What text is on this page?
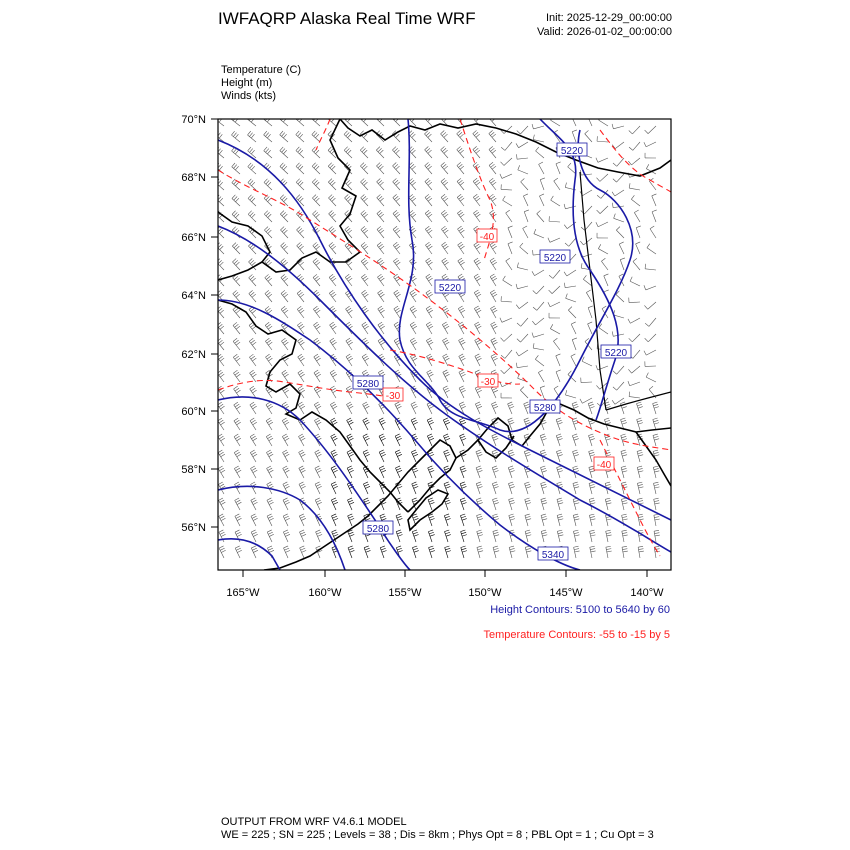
IWFAQRP Alaska Real Time WRF	Init: 2025-12-29_00:00:00
Valid: 2026-01-02_00:00:00
Temperature (C)
Height (m)
Winds (kts)
5220
5220
5220
5220
5280
5280
5280
5340
-40
-30
-30
-40
70°N
68°N
66°N
64°N
62°N
60°N
58°N
56°N
165°W	160°W	155°W	150°W	145°W	140°W
Height Contours: 5100 to 5640 by 60
Temperature Contours: -55 to -15 by 5
OUTPUT FROM WRF V4.6.1 MODEL
WE = 225 ; SN = 225 ; Levels = 38 ; Dis = 8km ; Phys Opt = 8 ; PBL Opt = 1 ; Cu Opt = 3
